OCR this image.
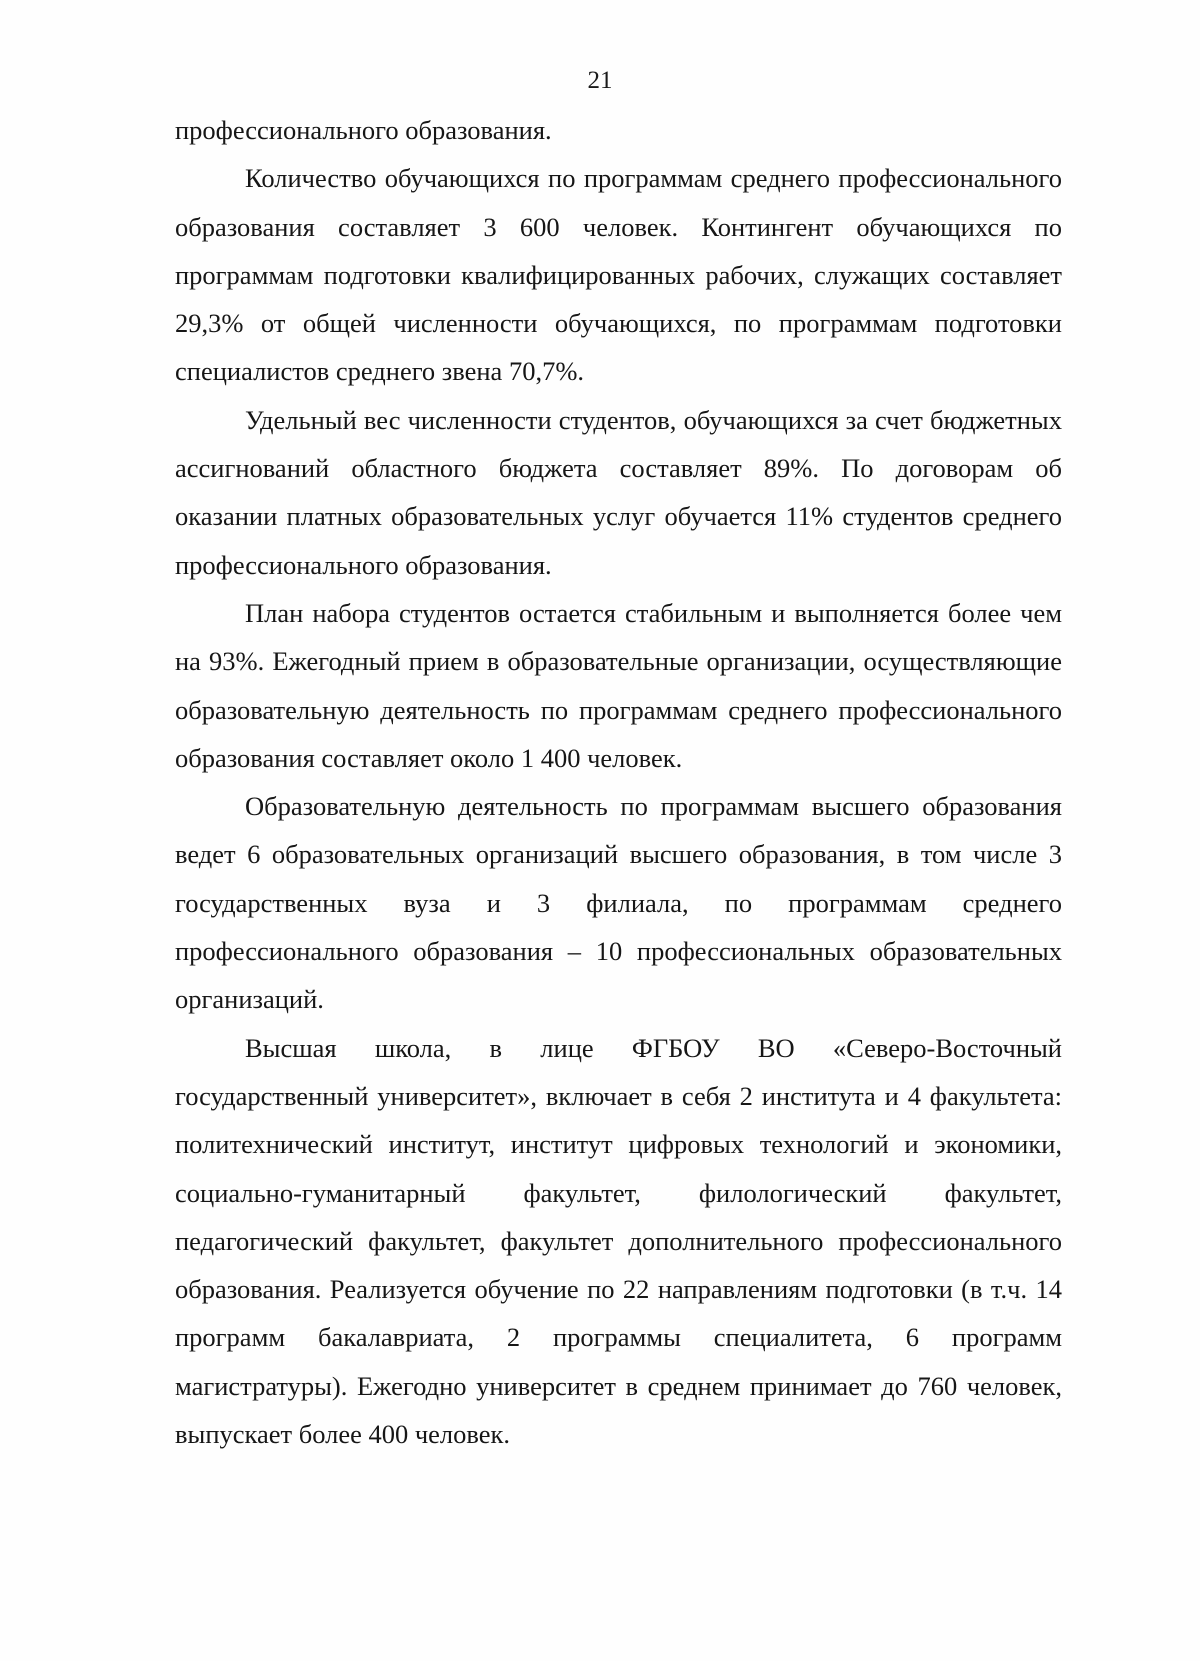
21

профессионального образования.

Количество обучающихся по программам среднего профессионального образования составляет 3 600 человек. Контингент обучающихся по программам подготовки квалифицированных рабочих, служащих составляет 29,3% от общей численности обучающихся, по программам подготовки специалистов среднего звена 70,7%.

Удельный вес численности студентов, обучающихся за счет бюджетных ассигнований областного бюджета составляет 89%. По договорам об оказании платных образовательных услуг обучается 11% студентов среднего профессионального образования.

План набора студентов остается стабильным и выполняется более чем на 93%. Ежегодный прием в образовательные организации, осуществляющие образовательную деятельность по программам среднего профессионального образования составляет около 1 400 человек.

Образовательную деятельность по программам высшего образования ведет 6 образовательных организаций высшего образования, в том числе 3 государственных вуза и 3 филиала, по программам среднего профессионального образования – 10 профессиональных образовательных организаций.

Высшая школа, в лице ФГБОУ ВО «Северо-Восточный государственный университет», включает в себя 2 института и 4 факультета: политехнический институт, институт цифровых технологий и экономики, социально-гуманитарный факультет, филологический факультет, педагогический факультет, факультет дополнительного профессионального образования. Реализуется обучение по 22 направлениям подготовки (в т.ч. 14 программ бакалавриата, 2 программы специалитета, 6 программ магистратуры). Ежегодно университет в среднем принимает до 760 человек, выпускает более 400 человек.
